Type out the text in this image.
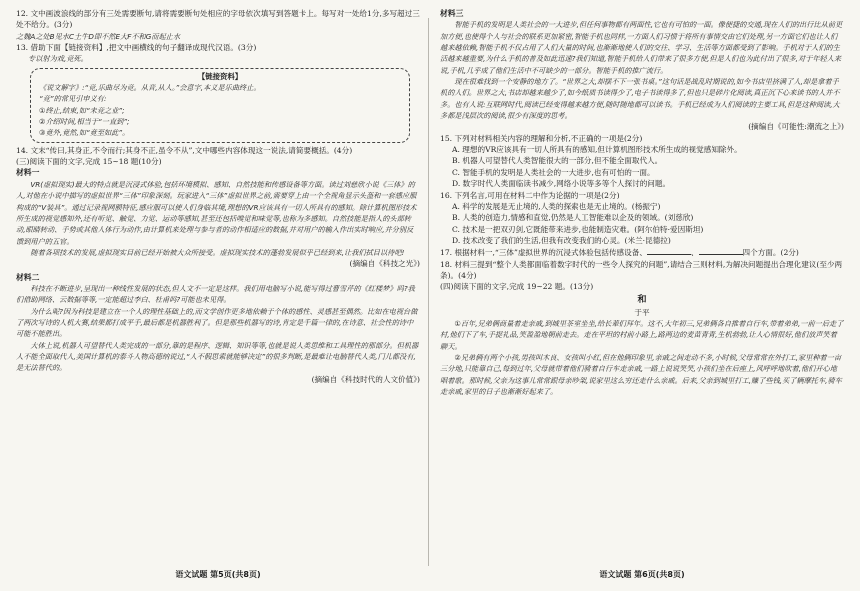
12. 文中画波浪线的部分有三处需要断句,请将需要断句处相应的字母依次填写到答题卡上。每写对一处给1分,多写超过三处不给分。(3分)

之魏A之处B见水C土牛D即不然E大F不和G而起止水

13. 借助下面【链接资料】,把文中画横线的句子翻译成现代汉语。(3分)

专以射为戏,竞死。

【链接资料】

《说文解字》:“竞,乐曲尽为竞。从音,从人。”会意字,本义是乐曲终止。

“竞”的常见引申义有:

①终止,结束,如“未竞之业”;

②介绍时间,相当于“一直到”;

③竟外,竟然,如“竟至如此”。

14. 文末“传曰,其身正,不令而行;其身不正,虽令不从”,文中哪些内容体现这一说法,请简要概括。(4分)

(三)阅读下面的文字,完成 15~18 题(10分)

材料一

VR(虚拟现实)最大的特点就是沉浸式体验,包括环境模拟、感知、自然技能和传感设备等方面。读过刘慈欣小说《三体》的人,对他在小说中描写的虚拟世界“三体”印象深刻。玩家进入“三体”虚拟世界之前,需要穿上由一个全视角显示头盔和一套感应服构成的“V装具”。通过记录视网膜特征,感应服可以使人们身临其境,理想的VR应该具有一切人所具有的感知。除计算机图形技术所生成的视觉感知外,还有听觉、触觉、力觉、运动等感知,甚至还包括嗅觉和味觉等,也称为多感知。自然技能是指人的头部转动,眼睛转动、手势或其他人体行为动作,由计算机来处理与参与者的动作相适应的数据,并对用户的输入作出实时响应,并分别反馈到用户的五官。

随着各项技术的发展,虚拟现实目前已经开始被大众所接受。虚拟现实技术的蓬勃发展似乎已经到来,让我们拭目以待吧!

(摘编自《科技之光》)

材料二

科技在不断进步,呈现出一种线性发展的状态,但人文不一定是这样。我们用电脑写小说,能写得过曹雪芹的《红楼梦》吗?我们借助网络、云数据等等,一定能超过李白、杜甫吗?可能也未见得。

为什么呢?因为科技是建立在一个人的理性基础上的,而文学创作更多地依赖于个体的感性、灵感甚至偶然。比如在电视台做了两次写诗的人机大赛,结果都打成平手,最后都是机器胜利了。但是那些机器写的诗,肯定是千篇一律的,在诗意、社会性的诗中可能不能胜出。

大体上说,机器人可望替代人类完成的一部分,靠的是程序、逻辑、知识等等,也就是说人类思维和工具理性的那部分。但机器人不能全面取代人,美国计算机的泰斗人物高德纳说过,“人不假思索就能够决定”的很多判断,是最难让电脑替代人类,门儿都没有,是无法替代的。

(摘编自《科技时代的人文价值》)

语文试题 第5页(共8页)

材料三

智能手机的发明是人类社会的一大进步,但任何事物都有两面性,它也有可怕的一面。像便捷的交通,现在人们的出行比从前更加方便,也使得个人与社会的联系更加紧密,智能手机也同样,一方面人们习惯于将所有事情交由它们处理,另一方面它们也让人们越来越依赖,智能手机不仅占用了人们大量的时间,也渐渐地使人们的交往、学习、生活等方面都受到了影响。手机对于人们的生活越来越重要,为什么手机的普及如此迅速?我们知道,智能手机给人们带来了很多方便,但是人们也为此付出了很多,对于年轻人来说,手机,几乎成了他们生活中不可缺少的一部分。智能手机的推广流行。

现在很难找到一个安静的地方了。“世界之大,却摆不下一张书桌。”这句话是战乱时期说的,如今书店里挤满了人,却是拿着手机的人们。世界之大,书店却越来越少了,如今纸质书读得少了,电子书读得多了,但也只是碎片化阅读,真正沉下心来读书的人并不多。也有人说:互联网时代,阅读已经变得越来越方便,随时随地都可以读书。手机已经成为人们阅读的主要工具,但是这种阅读,大多都是浅层次的阅读,很少有深度的思考。

(摘编自《可能性:潮流之上》)

15. 下列对材料相关内容的理解和分析,不正确的一项是(2分)

A. 理想的VR应该具有一切人所具有的感知,但计算机图形技术所生成的视觉感知除外。

B. 机器人可望替代人类智能很大的一部分,但不能全面取代人。

C. 智能手机的发明是人类社会的一大进步,也有可怕的一面。

D. 数字时代人类面临读书减少,网络小说等多等个人探讨的问题。

16. 下列名言,可用在材料二中作为论据的一项是(2分)

A. 科学的发展是无止境的,人类的探索也是无止境的。(杨振宁)

B. 人类的创造力,情感和直觉,仍然是人工智能难以企及的领域。(刘慈欣)

C. 技术是一把双刃剑,它既能带来进步,也能制造灾难。(阿尔伯特·爱因斯坦)

D. 技术改变了我们的生活,但我有改变我们的心灵。(米兰·昆德拉)

17. 根据材料一,“三体”虚拟世界的沉浸式体验包括传感设备、	、	四个方面。(2分)

18. 材料三提到“整个人类都面临着数字时代的一些令人探究的问题”,请结合三则材料,为解决问题提出合理化建议(至少两条)。(4分)

(四)阅读下面的文字,完成 19~22 题。(13分)

和

于平

①百年,兄弟俩商量着走亲戚,到城里茶室坐坐,给长辈们拜年。这不,大年初三,兄弟俩各自推着自行车,带着弟弟,一前一后走了村,他们下了车,手提礼品,笑盈盈地朝前走去。走在平坦的村前小路上,路两边的麦苗青青,生机勃勃,让人心情很好,他们放声笑着聊天。

②兄弟俩有两个小孩,男孩叫木良、女孩叫小红,但在他俩印象里,亲戚之间走动不多,小时候,父母常常在外打工,家里种着一亩三分地,只能靠自己,每到过年,父母就带着他们骑着自行车走亲戚,一路上说说笑笑,小孩们坐在后座上,风呼呼地吹着,他们开心地唱着歌。那时候,父亲为这事儿常常跟母亲吵架,说家里这么穷还走什么亲戚。后来,父亲到城里打工,赚了些钱,买了辆摩托车,骑车走亲戚,家里的日子也渐渐好起来了。

语文试题 第6页(共8页)
